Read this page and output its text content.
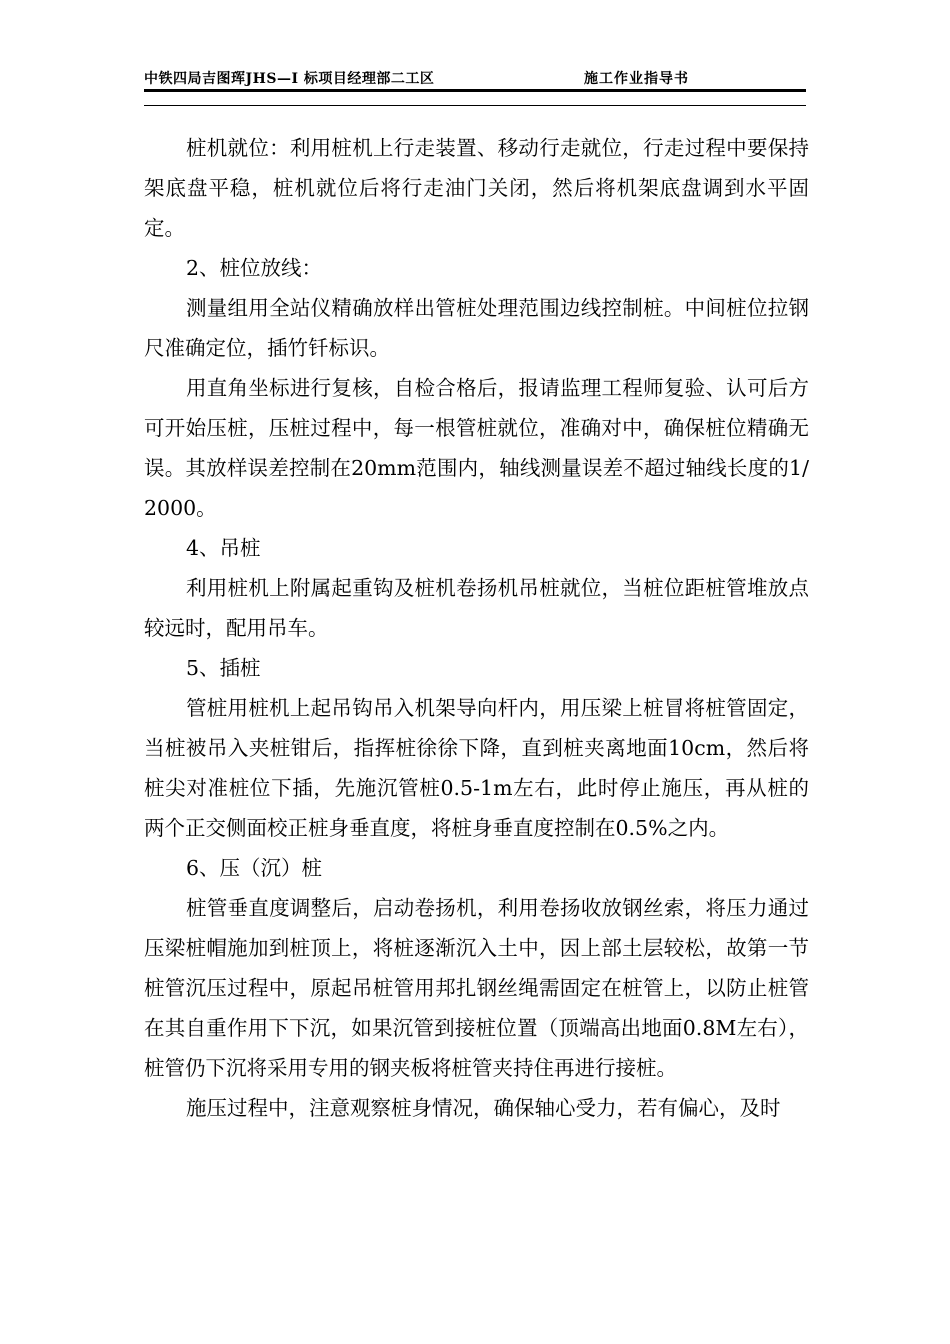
中铁四局吉图珲JHS—Ⅰ 标项目经理部二工区	施工作业指导书

桩机就位：利用桩机上行走装置、移动行走就位，行走过程中要保持架底盘平稳，桩机就位后将行走油门关闭，然后将机架底盘调到水平固定。

2、桩位放线：

测量组用全站仪精确放样出管桩处理范围边线控制桩。中间桩位拉钢尺准确定位，插竹钎标识。

用直角坐标进行复核，自检合格后，报请监理工程师复验、认可后方可开始压桩，压桩过程中，每一根管桩就位，准确对中，确保桩位精确无误。其放样误差控制在20mm范围内，轴线测量误差不超过轴线长度的1/2000。

4、吊桩

利用桩机上附属起重钩及桩机卷扬机吊桩就位，当桩位距桩管堆放点较远时，配用吊车。

5、插桩

管桩用桩机上起吊钩吊入机架导向杆内，用压梁上桩冒将桩管固定，当桩被吊入夹桩钳后，指挥桩徐徐下降，直到桩夹离地面10cm，然后将桩尖对准桩位下插，先施沉管桩0.5-1m左右，此时停止施压，再从桩的两个正交侧面校正桩身垂直度，将桩身垂直度控制在0.5%之内。

6、压（沉）桩

桩管垂直度调整后，启动卷扬机，利用卷扬收放钢丝索，将压力通过压梁桩帽施加到桩顶上，将桩逐渐沉入土中，因上部土层较松，故第一节桩管沉压过程中，原起吊桩管用邦扎钢丝绳需固定在桩管上，以防止桩管在其自重作用下下沉，如果沉管到接桩位置（顶端高出地面0.8M左右），桩管仍下沉将采用专用的钢夹板将桩管夹持住再进行接桩。

施压过程中，注意观察桩身情况，确保轴心受力，若有偏心，及时
